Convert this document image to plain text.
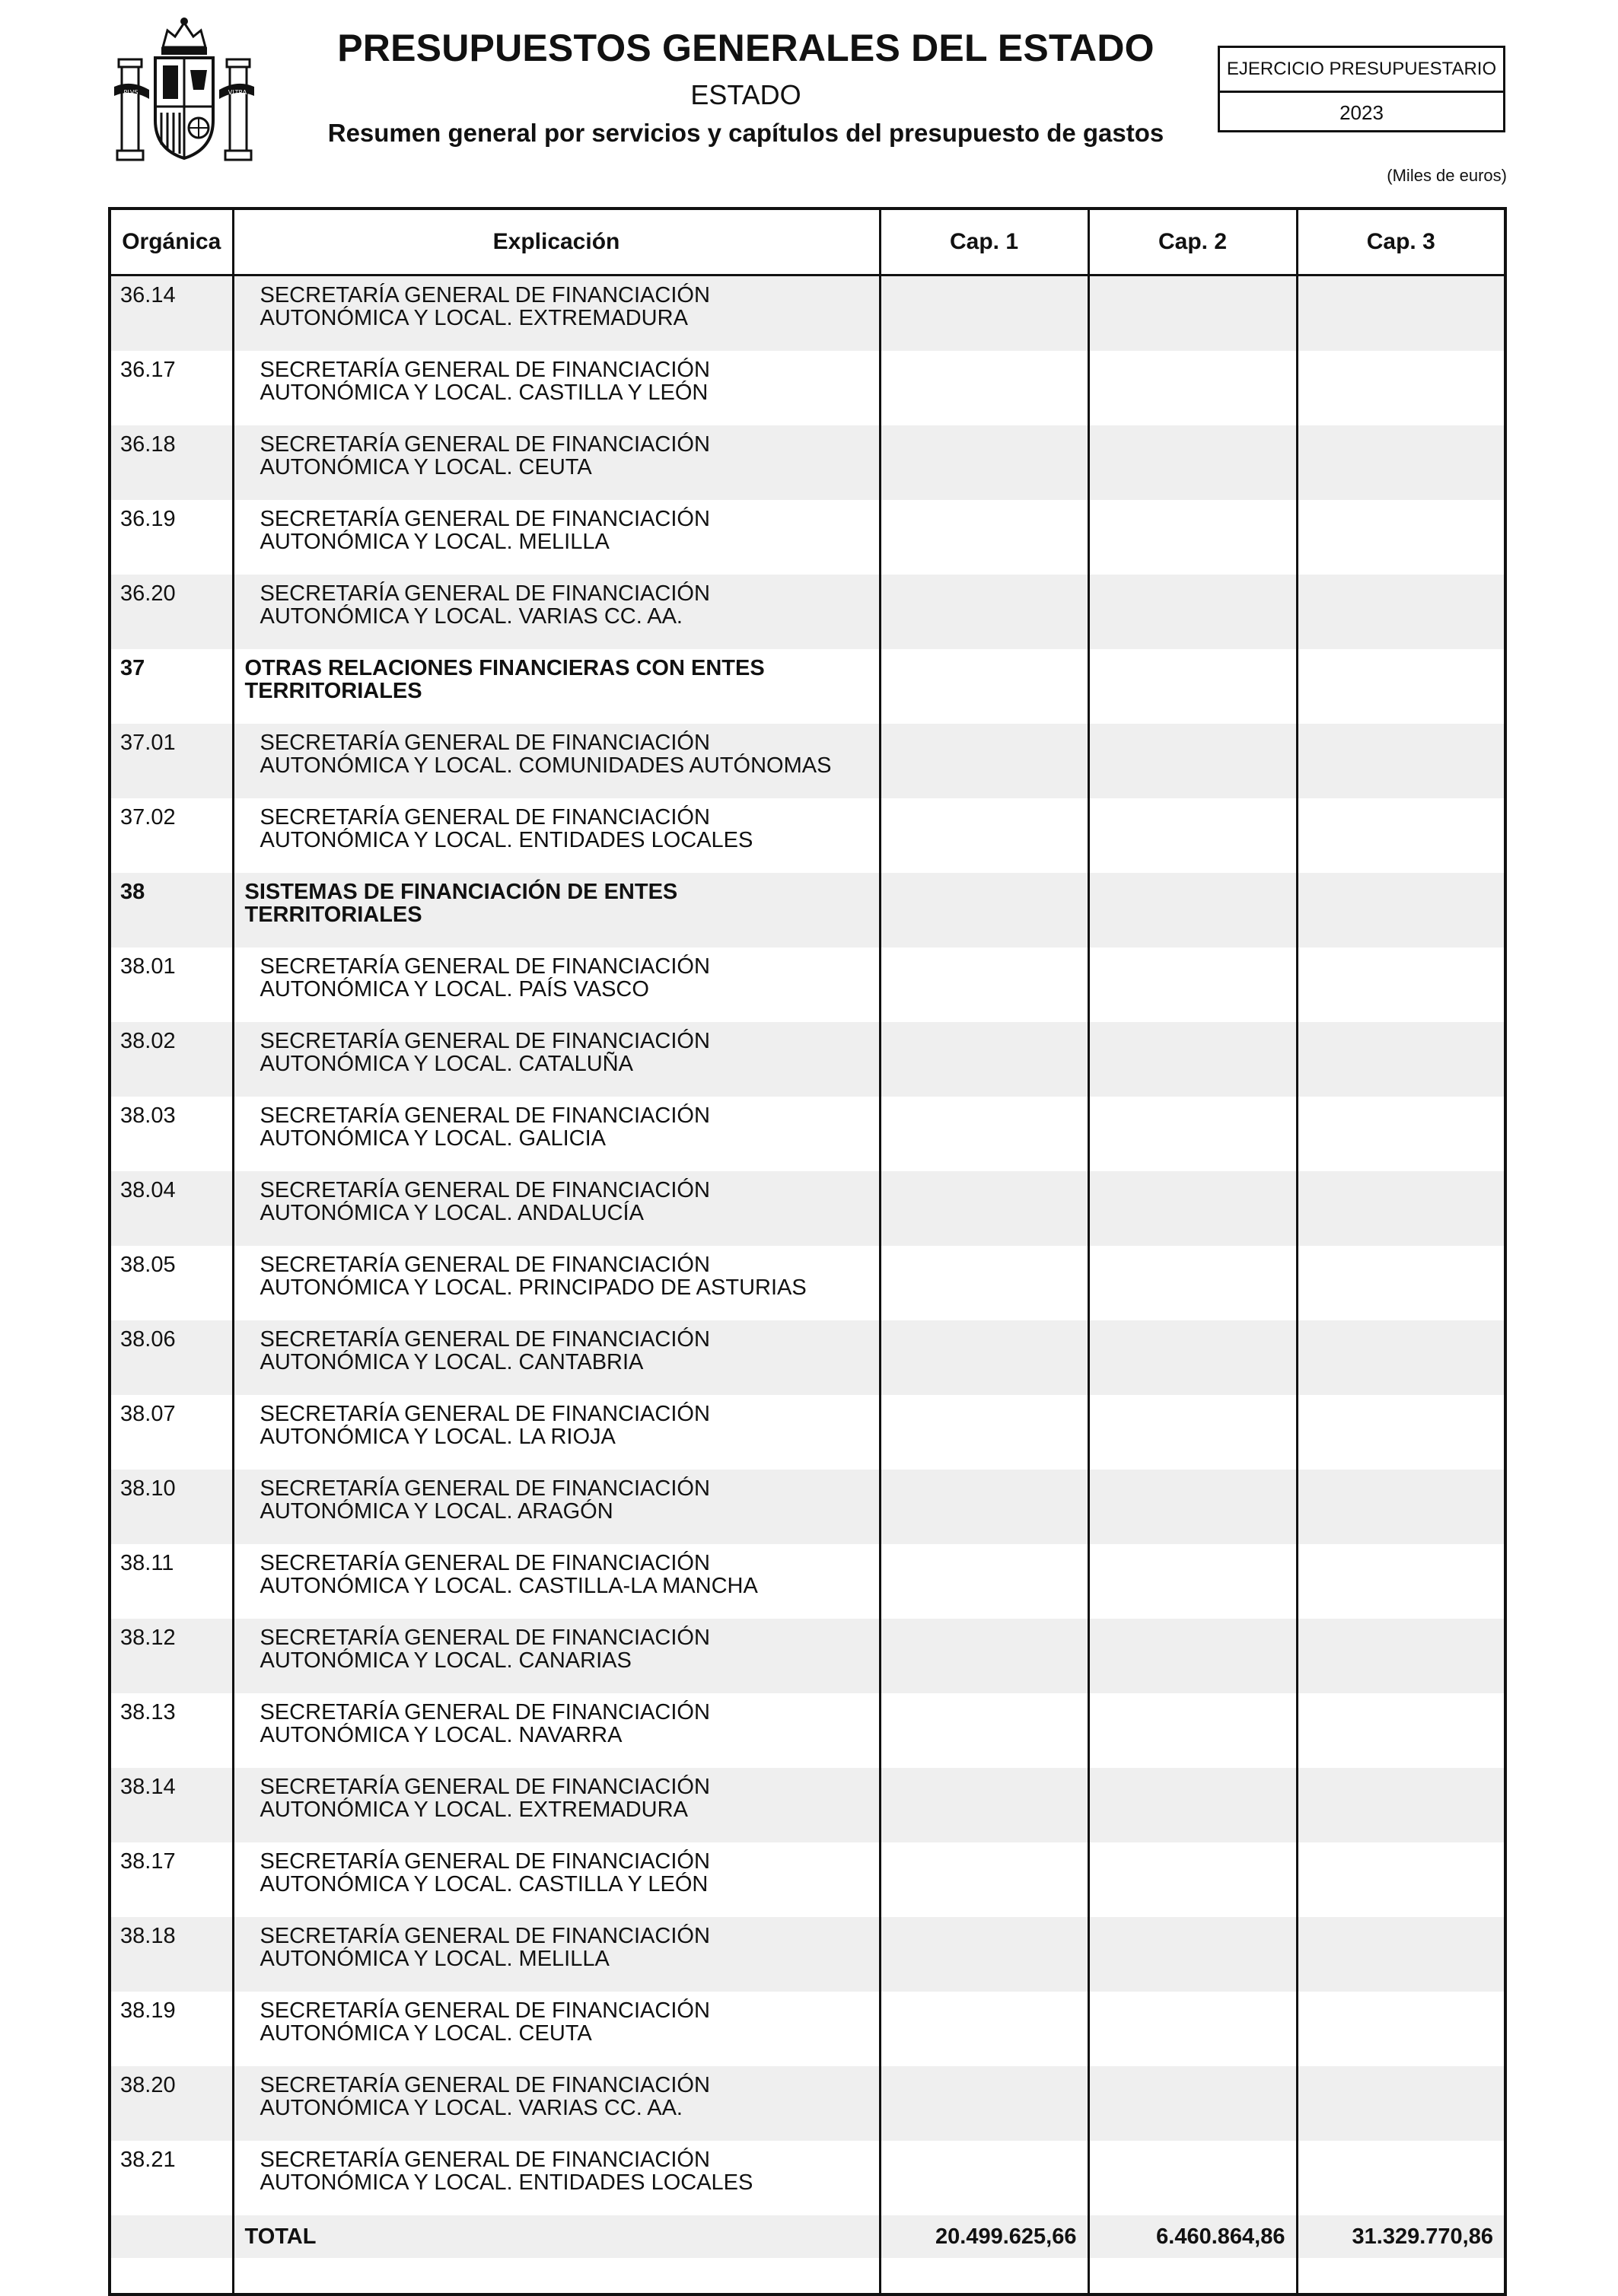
PLVS	VLTRA
PRESUPUESTOS GENERALES DEL ESTADO
ESTADO
Resumen general por servicios y capítulos del presupuesto de gastos
EJERCICIO PRESUPUESTARIO
2023
(Miles de euros)
Orgánica	Explicación	Cap. 1	Cap. 2	Cap. 3
36.14	SECRETARÍA GENERAL DE FINANCIACIÓN
AUTONÓMICA Y LOCAL. EXTREMADURA			

36.17	SECRETARÍA GENERAL DE FINANCIACIÓN
AUTONÓMICA Y LOCAL. CASTILLA Y LEÓN			

36.18	SECRETARÍA GENERAL DE FINANCIACIÓN
AUTONÓMICA Y LOCAL. CEUTA			

36.19	SECRETARÍA GENERAL DE FINANCIACIÓN
AUTONÓMICA Y LOCAL. MELILLA			

36.20	SECRETARÍA GENERAL DE FINANCIACIÓN
AUTONÓMICA Y LOCAL. VARIAS CC. AA.			

37	OTRAS RELACIONES FINANCIERAS CON ENTES
TERRITORIALES			

37.01	SECRETARÍA GENERAL DE FINANCIACIÓN
AUTONÓMICA Y LOCAL. COMUNIDADES AUTÓNOMAS			

37.02	SECRETARÍA GENERAL DE FINANCIACIÓN
AUTONÓMICA Y LOCAL. ENTIDADES LOCALES			

38	SISTEMAS DE FINANCIACIÓN DE ENTES
TERRITORIALES			

38.01	SECRETARÍA GENERAL DE FINANCIACIÓN
AUTONÓMICA Y LOCAL. PAÍS VASCO			

38.02	SECRETARÍA GENERAL DE FINANCIACIÓN
AUTONÓMICA Y LOCAL. CATALUÑA			

38.03	SECRETARÍA GENERAL DE FINANCIACIÓN
AUTONÓMICA Y LOCAL. GALICIA			

38.04	SECRETARÍA GENERAL DE FINANCIACIÓN
AUTONÓMICA Y LOCAL. ANDALUCÍA			

38.05	SECRETARÍA GENERAL DE FINANCIACIÓN
AUTONÓMICA Y LOCAL. PRINCIPADO DE ASTURIAS			

38.06	SECRETARÍA GENERAL DE FINANCIACIÓN
AUTONÓMICA Y LOCAL. CANTABRIA			

38.07	SECRETARÍA GENERAL DE FINANCIACIÓN
AUTONÓMICA Y LOCAL. LA RIOJA			

38.10	SECRETARÍA GENERAL DE FINANCIACIÓN
AUTONÓMICA Y LOCAL. ARAGÓN			

38.11	SECRETARÍA GENERAL DE FINANCIACIÓN
AUTONÓMICA Y LOCAL. CASTILLA-LA MANCHA			

38.12	SECRETARÍA GENERAL DE FINANCIACIÓN
AUTONÓMICA Y LOCAL. CANARIAS			

38.13	SECRETARÍA GENERAL DE FINANCIACIÓN
AUTONÓMICA Y LOCAL. NAVARRA			

38.14	SECRETARÍA GENERAL DE FINANCIACIÓN
AUTONÓMICA Y LOCAL. EXTREMADURA			

38.17	SECRETARÍA GENERAL DE FINANCIACIÓN
AUTONÓMICA Y LOCAL. CASTILLA Y LEÓN			

38.18	SECRETARÍA GENERAL DE FINANCIACIÓN
AUTONÓMICA Y LOCAL. MELILLA			

38.19	SECRETARÍA GENERAL DE FINANCIACIÓN
AUTONÓMICA Y LOCAL. CEUTA			

38.20	SECRETARÍA GENERAL DE FINANCIACIÓN
AUTONÓMICA Y LOCAL. VARIAS CC. AA.			

38.21	SECRETARÍA GENERAL DE FINANCIACIÓN
AUTONÓMICA Y LOCAL. ENTIDADES LOCALES			

	TOTAL	20.499.625,66	6.460.864,86	31.329.770,86
